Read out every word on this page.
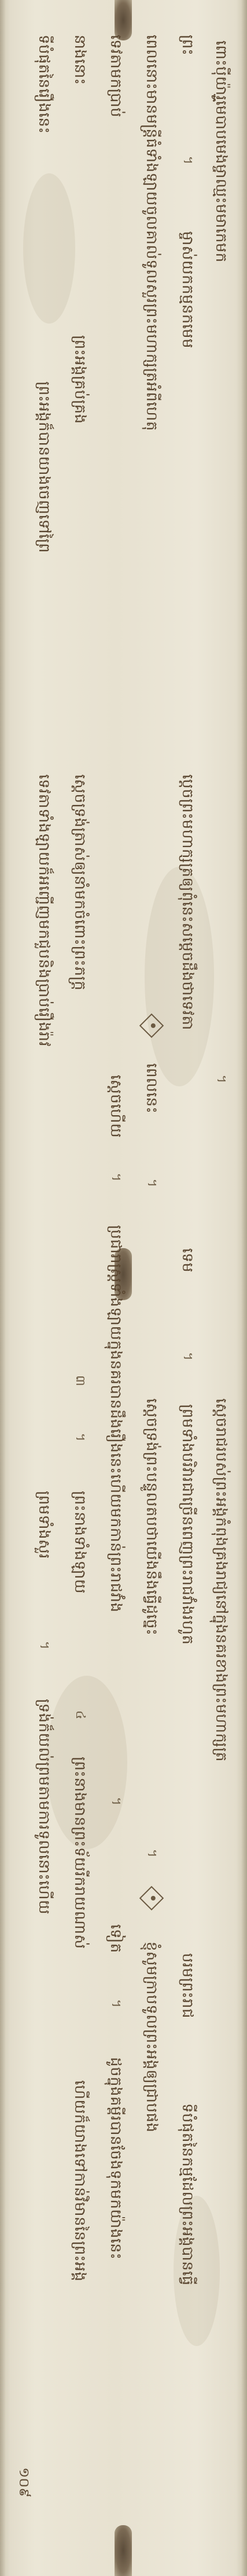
ពោះប៉ីយ៉ារ្មូមេបាបមេងម្ចាឈ្មះមមាកេមក
។
ស្ដេចរាជរបស់ព្រះអង្គកំពុងគ្រងរាជ្យនៅក្នុងនគរខាងព្រះមហាក្សត្រ
ព្រះ
។
ម្ចាស់យកកម្មនកមេម
ប្ដេចព្រះមហាក្សត្រឲ្យពុំនេះសម្ដេចដឹងថាទេវតា
ទេម
។
ព្រមទាំងបរិវារជាច្រើនពេញព្រះរាជវាំងរហូត
បរមព្រះរាជ
ទីបំផុតនៃកម្មដែលព្រះអង្គបានធ្វើ
ពេលនោះមានមន្ត្រីធំទាំងឡាយចូលគាល់ទូលសួរព្រះមហាក្សត្រអំពីហេតុ
ពេលនេះ
។
ស្ដេចទ្រង់ព្រះបន្ទូលតបថាយើងនឹងធ្វើដូច្នេះ
។
ខ្ញុំសូមក្រាបទូលព្រះអង្គឲ្យជ្រាបផង
ទេវតាមកប្រាប់
ស្ដេចហើយ
។
ប្រជារាស្ត្រទាំងឡាយក្នុងនគរបានដឹងរឿងនេះហើយមកកាន់ព្រះរាជវាំង
។
ទៀត
។
ដូចក្នុងគម្ពីរបានចែងទុកមកយ៉ាងនេះ
នាងនោះ
ព្រះអង្គគ្រប់គ្រង
ស្ដេចទ្រង់ត្រាស់ឲ្យនាំមកចំពោះព្រះភក្ត្រ
៣
។
ព្រះនាងទាំងឡាយ
៤
ព្រះនាងមានព្រះទ័យរីករាយណាស់
ហើយក៏យាងទៅកាន់វិមាននៃព្រះអង្គ
ទីបំផុតនៃរឿងនេះ
ព្រះអង្គក៏បានយាងចេញទៅព្រៃ
ទេវតាទាំងឡាយក៏អញ្ជើញមកជួបនិងប្រាប់រឿងរ៉ាវ
ព្រមទាំងសួរ
។
ទ្រង់ក៏យល់ព្រមតាមការទូលនោះហើយ
១០៩
